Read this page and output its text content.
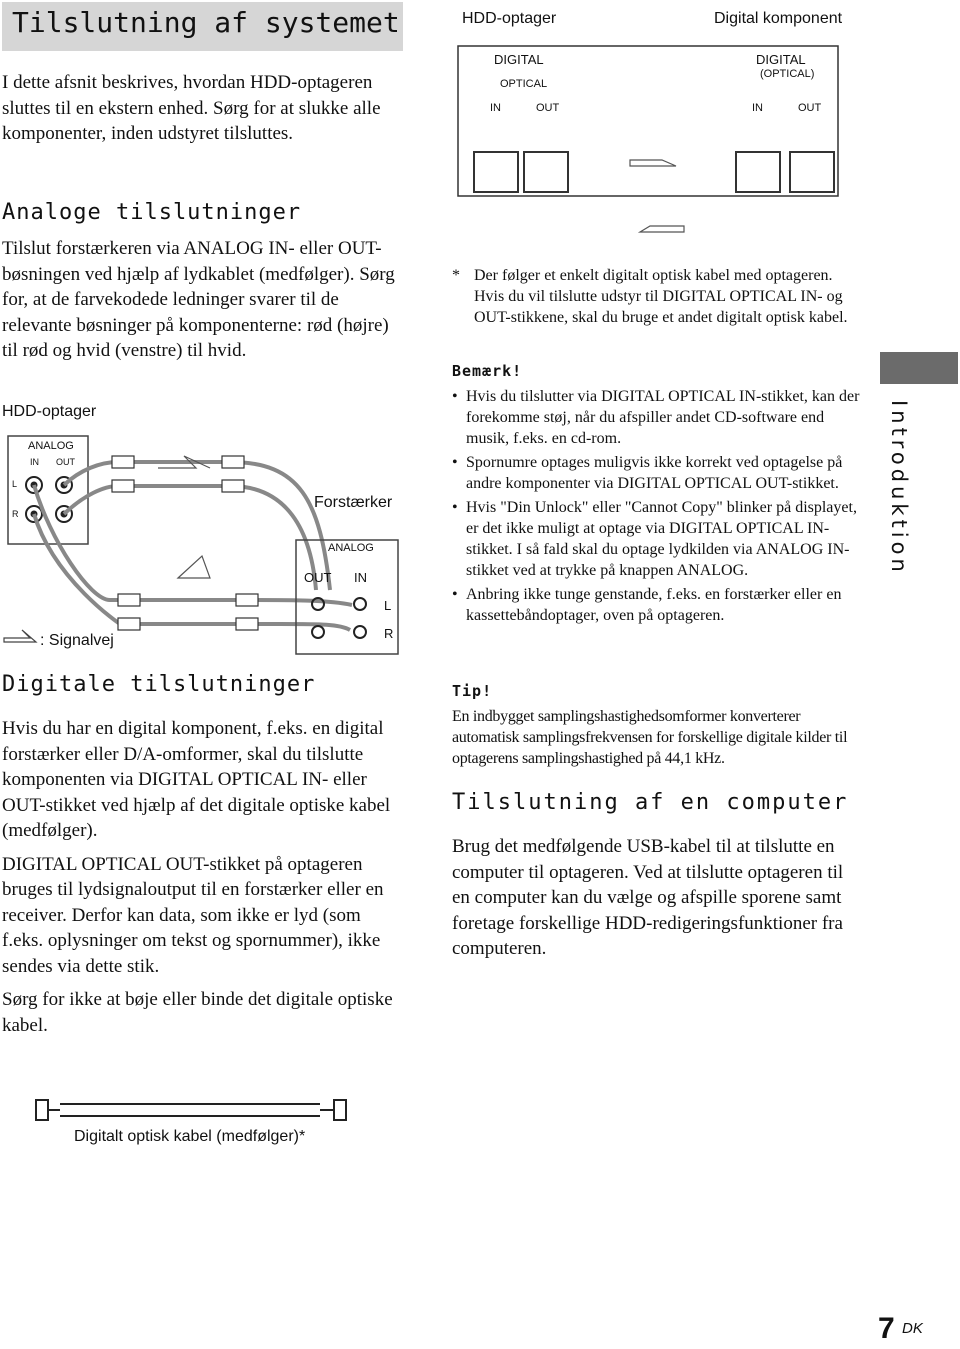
Tilslutning af systemet
I dette afsnit beskrives, hvordan HDD-optageren sluttes til en ekstern enhed. Sørg for at slukke alle komponenter, inden udstyret tilsluttes.
Analoge tilslutninger
Tilslut forstærkeren via ANALOG IN- eller OUT-bøsningen ved hjælp af lydkablet (medfølger). Sørg for, at de farvekodede ledninger svarer til de relevante bøsninger på komponenterne: rød (højre) til rød og hvid (venstre) til hvid.
HDD-optager
ANALOG
IN OUT
L
R
Forstærker
ANALOG
OUT IN
L
R
: Signalvej
Digitale tilslutninger

Hvis du har en digital komponent, f.eks. en digital forstærker eller D/A-omformer, skal du tilslutte komponenten via DIGITAL OPTICAL IN- eller OUT-stikket ved hjælp af det digitale optiske kabel (medfølger).

DIGITAL OPTICAL OUT-stikket på optageren bruges til lydsignaloutput til en forstærker eller en receiver. Derfor kan data, som ikke er lyd (som f.eks. oplysninger om tekst og spornummer), ikke sendes via dette stik.

Sørg for ikke at bøje eller binde det digitale optiske kabel.

Digitalt optisk kabel (medfølger)*
HDD-optager	Digital komponent
DIGITAL
OPTICAL
IN	OUT
DIGITAL
(OPTICAL)
IN	OUT
* Der følger et enkelt digitalt optisk kabel med optageren. Hvis du vil tilslutte udstyr til DIGITAL OPTICAL IN- og OUT-stikkene, skal du bruge et andet digitalt optisk kabel.
Bemærk!
• Hvis du tilslutter via DIGITAL OPTICAL IN-stikket, kan der forekomme støj, når du afspiller andet CD-software end musik, f.eks. en cd-rom.
• Spornumre optages muligvis ikke korrekt ved optagelse på andre komponenter via DIGITAL OPTICAL OUT-stikket.
• Hvis "Din Unlock" eller "Cannot Copy" blinker på displayet, er det ikke muligt at optage via DIGITAL OPTICAL IN-stikket. I så fald skal du optage lydkilden via ANALOG IN-stikket ved at trykke på knappen ANALOG.
• Anbring ikke tunge genstande, f.eks. en forstærker eller en kassettebåndoptager, oven på optageren.
Tip!
En indbygget samplingshastighedsomformer konverterer automatisk samplingsfrekvensen for forskellige digitale kilder til optagerens samplingshastighed på 44,1 kHz.
Tilslutning af en computer
Brug det medfølgende USB-kabel til at tilslutte en computer til optageren. Ved at tilslutte optageren til en computer kan du vælge og afspille sporene samt foretage forskellige HDD-redigeringsfunktioner fra computeren.
Introduktion
7 DK
